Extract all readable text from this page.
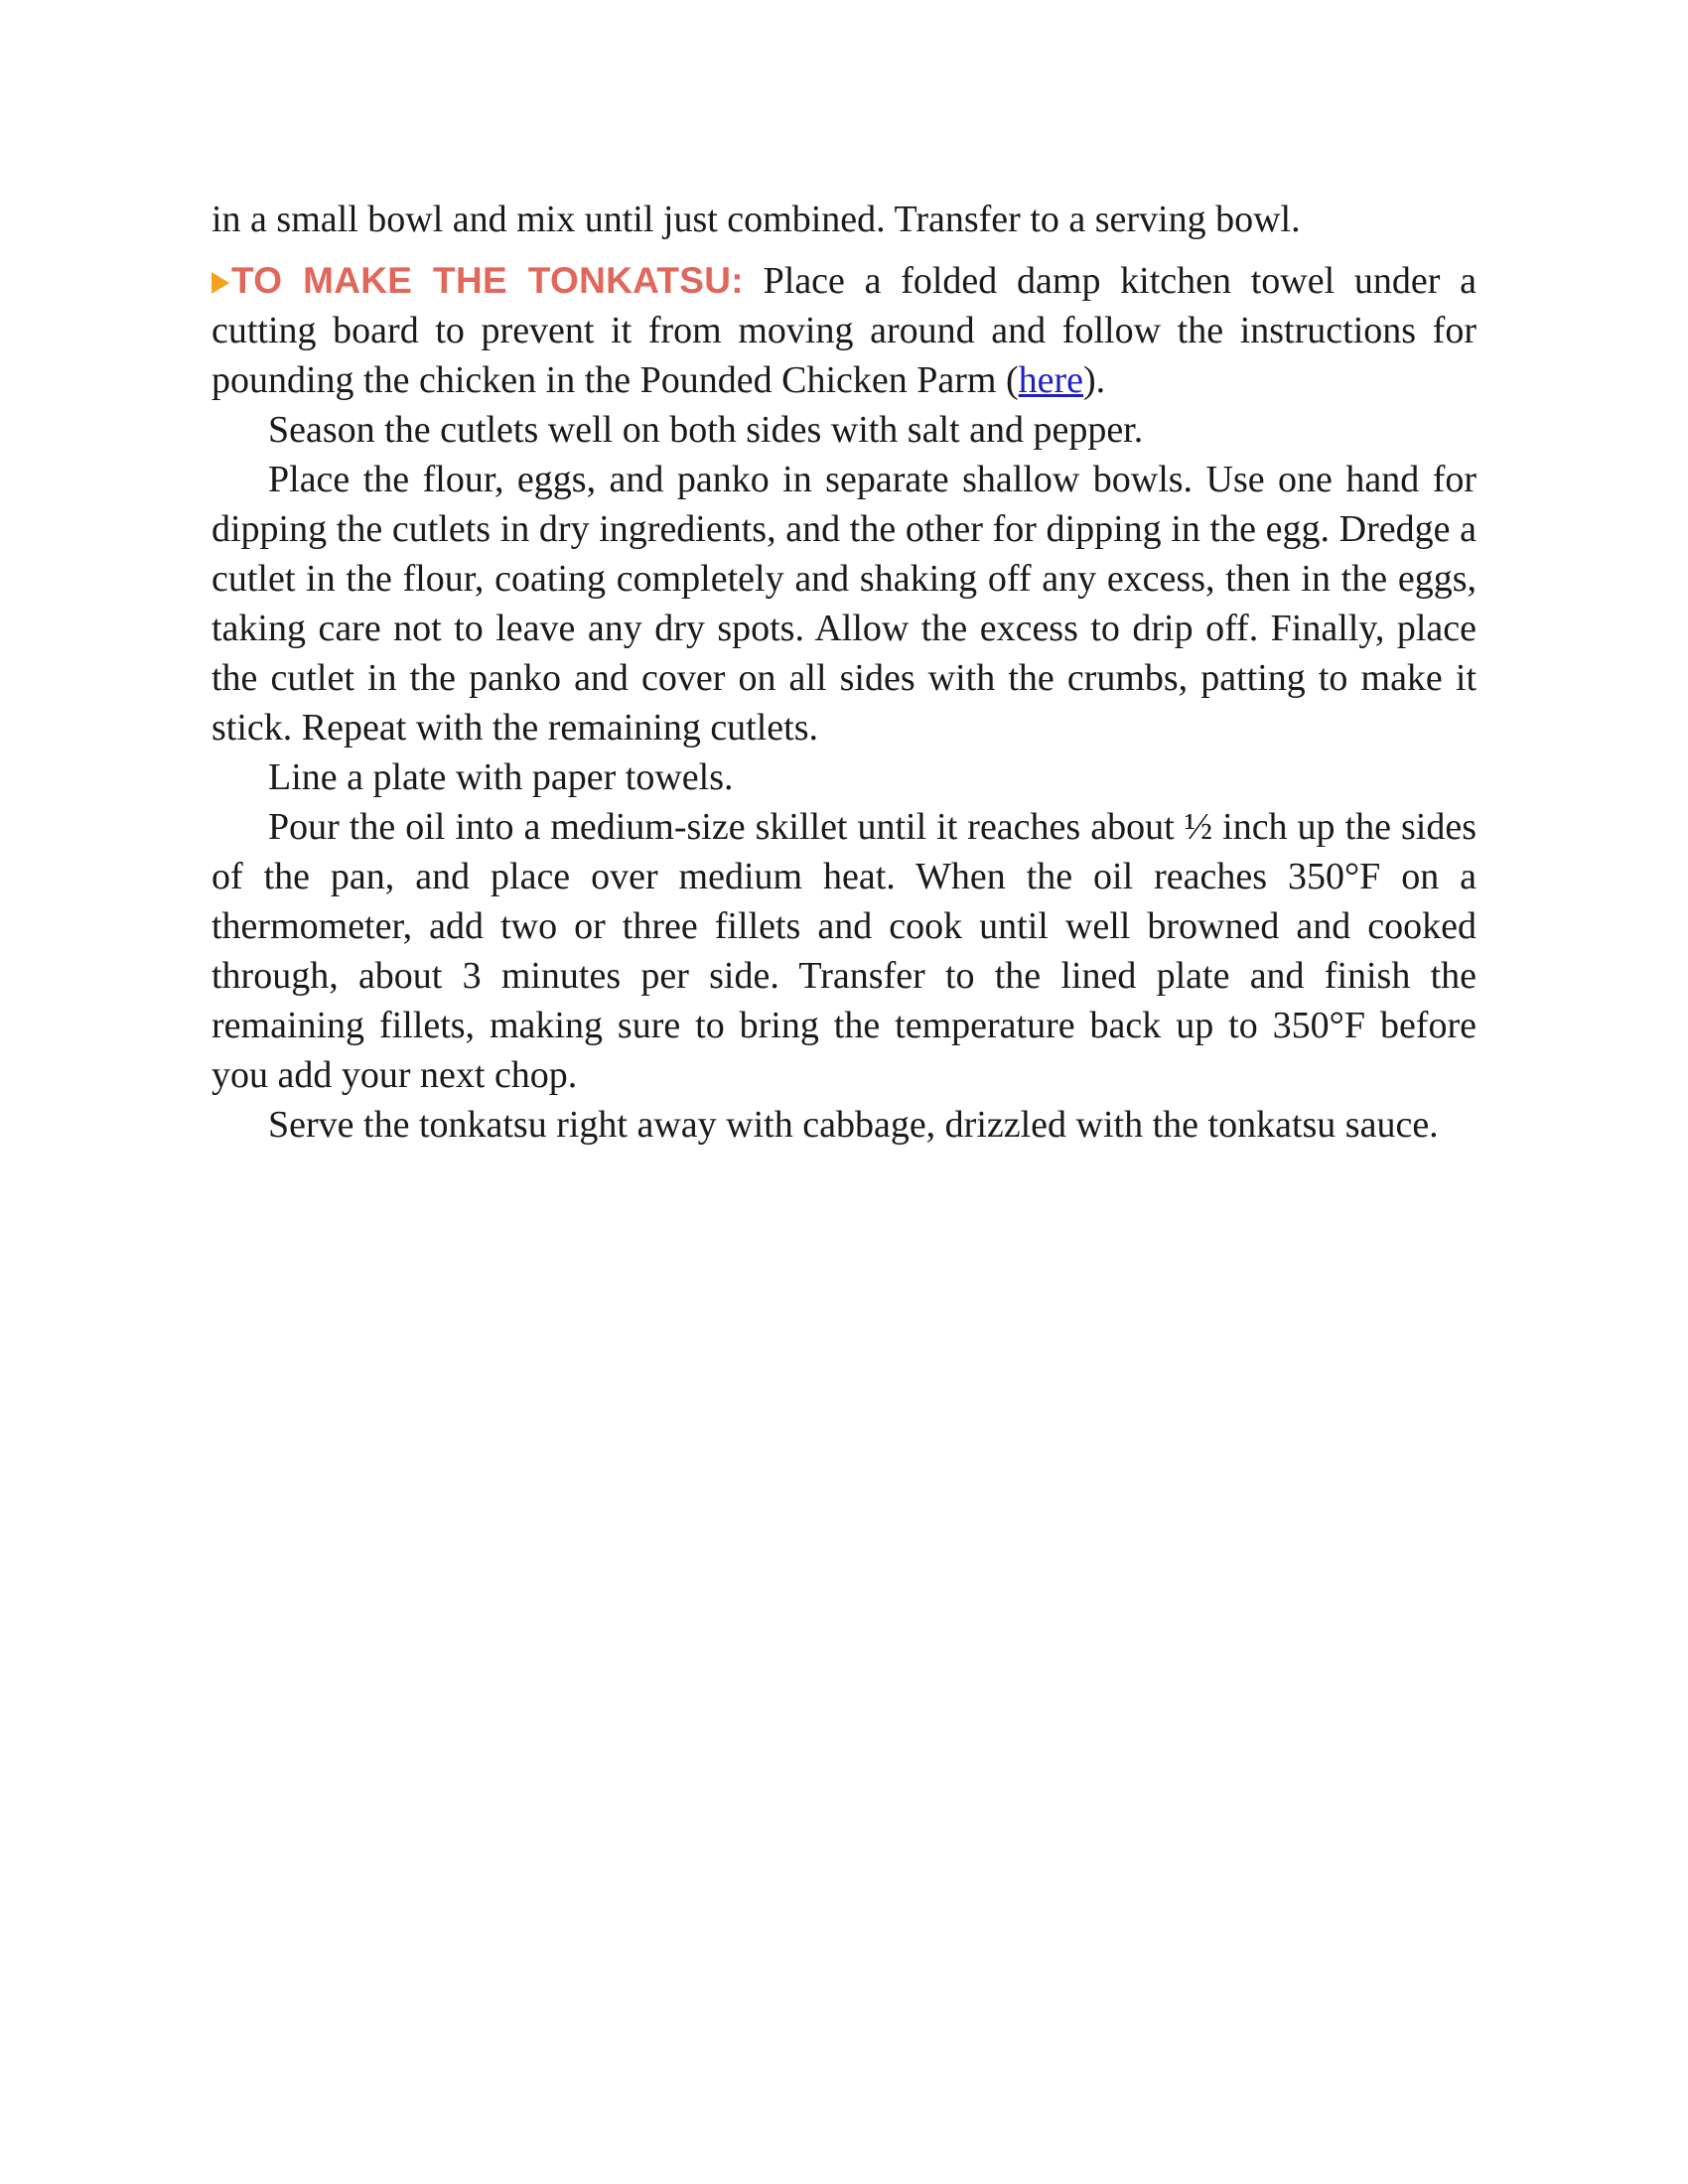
in a small bowl and mix until just combined. Transfer to a serving bowl.

TO MAKE THE TONKATSU: Place a folded damp kitchen towel under a cutting board to prevent it from moving around and follow the instructions for pounding the chicken in the Pounded Chicken Parm (here).

Season the cutlets well on both sides with salt and pepper.

Place the flour, eggs, and panko in separate shallow bowls. Use one hand for dipping the cutlets in dry ingredients, and the other for dipping in the egg. Dredge a cutlet in the flour, coating completely and shaking off any excess, then in the eggs, taking care not to leave any dry spots. Allow the excess to drip off. Finally, place the cutlet in the panko and cover on all sides with the crumbs, patting to make it stick. Repeat with the remaining cutlets.

Line a plate with paper towels.

Pour the oil into a medium-size skillet until it reaches about ½ inch up the sides of the pan, and place over medium heat. When the oil reaches 350°F on a thermometer, add two or three fillets and cook until well browned and cooked through, about 3 minutes per side. Transfer to the lined plate and finish the remaining fillets, making sure to bring the temperature back up to 350°F before you add your next chop.

Serve the tonkatsu right away with cabbage, drizzled with the tonkatsu sauce.
